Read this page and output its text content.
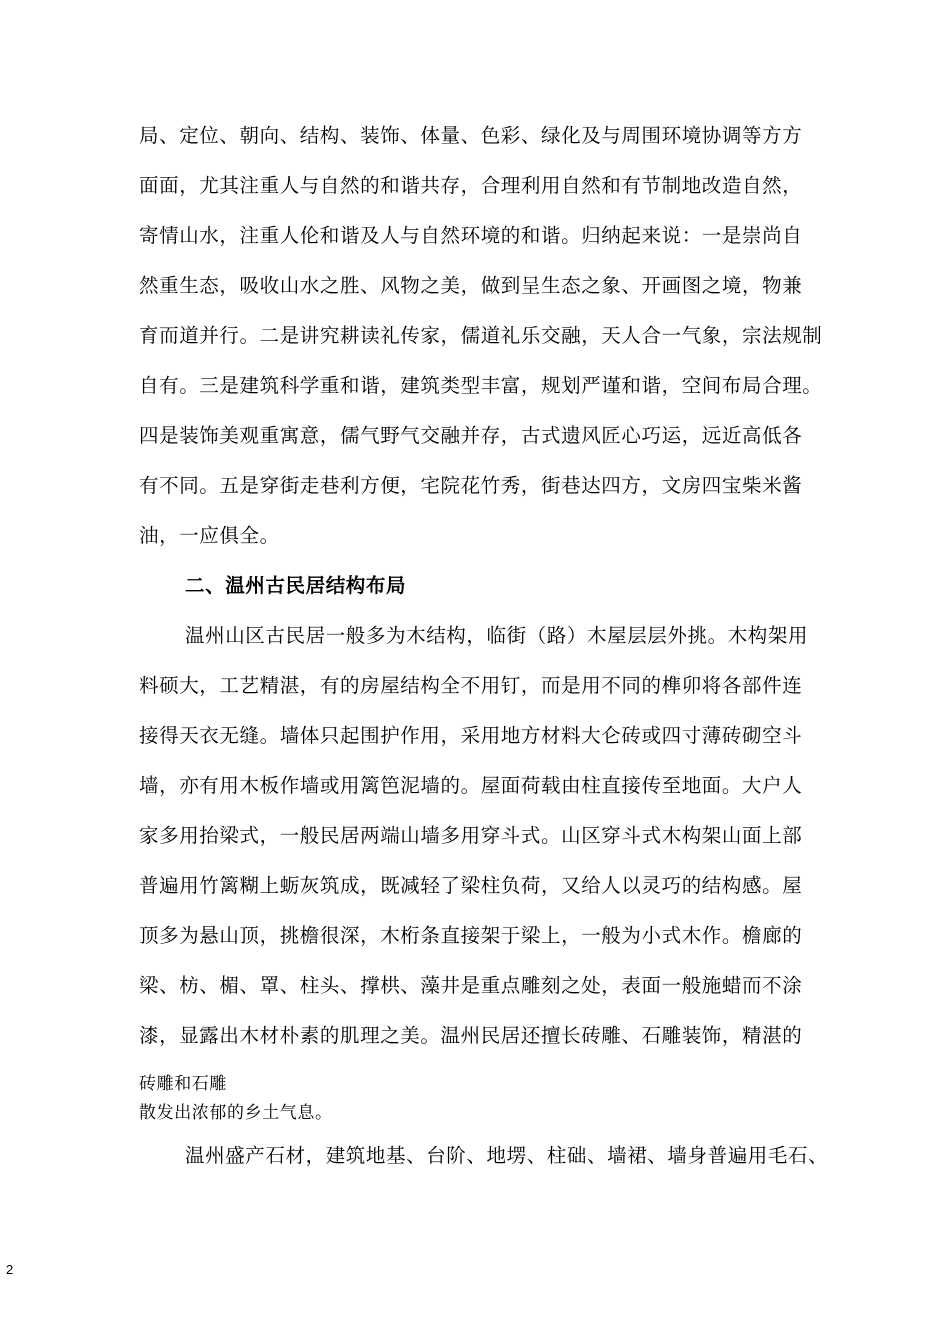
局、定位、朝向、结构、装饰、体量、色彩、绿化及与周围环境协调等方方
面面，尤其注重人与自然的和谐共存，合理利用自然和有节制地改造自然，
寄情山水，注重人伦和谐及人与自然环境的和谐。归纳起来说：一是崇尚自
然重生态，吸收山水之胜、风物之美，做到呈生态之象、开画图之境，物兼
育而道并行。二是讲究耕读礼传家，儒道礼乐交融，天人合一气象，宗法规制
自有。三是建筑科学重和谐，建筑类型丰富，规划严谨和谐，空间布局合理。
四是装饰美观重寓意，儒气野气交融并存，古式遗风匠心巧运，远近高低各
有不同。五是穿街走巷利方便，宅院花竹秀，街巷达四方，文房四宝柴米酱
油，一应俱全。
二、温州古民居结构布局
温州山区古民居一般多为木结构，临街（路）木屋层层外挑。木构架用
料硕大，工艺精湛，有的房屋结构全不用钉，而是用不同的榫卯将各部件连
接得天衣无缝。墙体只起围护作用，采用地方材料大仑砖或四寸薄砖砌空斗
墙，亦有用木板作墙或用篱笆泥墙的。屋面荷载由柱直接传至地面。大户人
家多用抬梁式，一般民居两端山墙多用穿斗式。山区穿斗式木构架山面上部
普遍用竹篱糊上蛎灰筑成，既减轻了梁柱负荷，又给人以灵巧的结构感。屋
顶多为悬山顶，挑檐很深，木桁条直接架于梁上，一般为小式木作。檐廊的
梁、枋、楣、罩、柱头、撑栱、藻井是重点雕刻之处，表面一般施蜡而不涂
漆，显露出木材朴素的肌理之美。温州民居还擅长砖雕、石雕装饰，精湛的
砖雕和石雕
散发出浓郁的乡土气息。
温州盛产石材，建筑地基、台阶、地塄、柱础、墙裙、墙身普遍用毛石、
2
